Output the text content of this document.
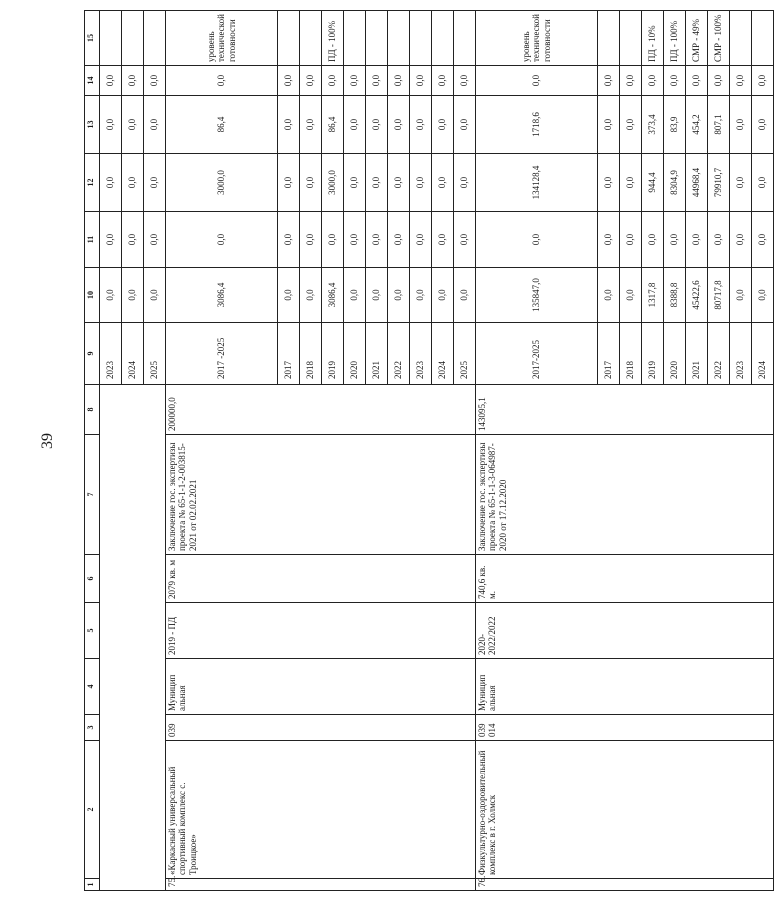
39
1	2	3	4	5	6	7	8	9	10	11	12	13	14	15
								2023	0,0	0,0	0,0	0,0	0,0	
								2024	0,0	0,0	0,0	0,0	0,0	
								2025	0,0	0,0	0,0	0,0	0,0	
75.	«Каркасный универсальный спортивный комплекс с. Троицкое»	039	Муницип альная	2019 - ПД	2079 кв. м	Заключение гос. экспертизы проекта № 65-1-1-2-003815-2021 от 02.02.2021	200000,0	2017 -2025	3086,4	0,0	3000,0	86,4	0,0	уровень технической готовности
								2017	0,0	0,0	0,0	0,0	0,0	
								2018	0,0	0,0	0,0	0,0	0,0	
								2019	3086,4	0,0	3000,0	86,4	0,0	ПД - 100%
								2020	0,0	0,0	0,0	0,0	0,0	
								2021	0,0	0,0	0,0	0,0	0,0	
								2022	0,0	0,0	0,0	0,0	0,0	
								2023	0,0	0,0	0,0	0,0	0,0	
								2024	0,0	0,0	0,0	0,0	0,0	
								2025	0,0	0,0	0,0	0,0	0,0	
76.	Физкультурно-оздоровительный комплекс в г. Холмск	039 014	Муницип альная	2020-2022/2022	740,6 кв. м.	Заключение гос. экспертизы проекта № 65-1-1-3-064987-2020 от 17.12.2020	143095,1	2017-2025	135847,0	0,0	134128,4	1718,6	0,0	уровень технической готовности
								2017	0,0	0,0	0,0	0,0	0,0	
								2018	0,0	0,0	0,0	0,0	0,0	
								2019	1317,8	0,0	944,4	373,4	0,0	ПД - 10%
								2020	8388,8	0,0	8304,9	83,9	0,0	ПД - 100%
								2021	45422,6	0,0	44968,4	454,2	0,0	СМР - 49%
								2022	80717,8	0,0	79910,7	807,1	0,0	СМР - 100%
								2023	0,0	0,0	0,0	0,0	0,0	
								2024	0,0	0,0	0,0	0,0	0,0	
